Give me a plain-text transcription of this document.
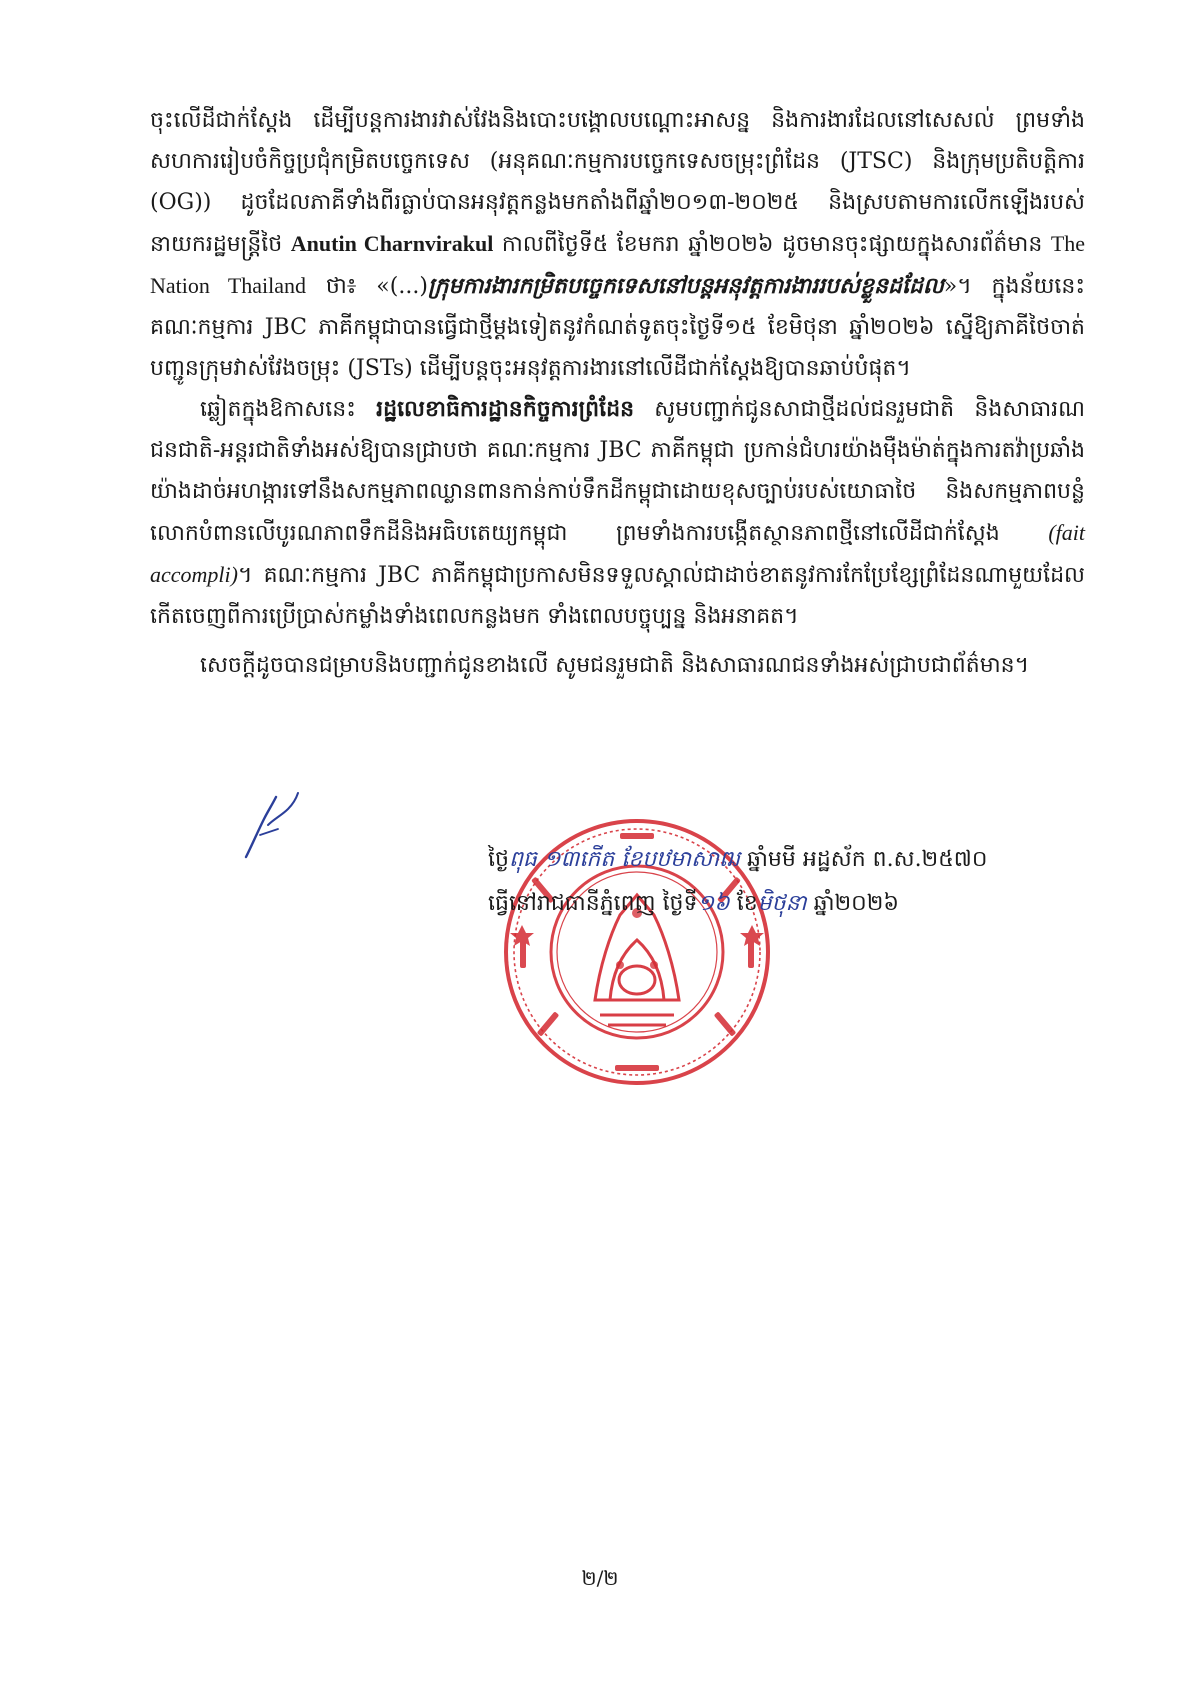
ចុះលើដីជាក់ស្តែង ដើម្បីបន្តការងារវាស់វែងនិងបោះបង្គោលបណ្ដោះអាសន្ន និងការងារដែលនៅសេសល់ ព្រមទាំងសហការរៀបចំកិច្ចប្រជុំកម្រិតបច្ចេកទេស (អនុគណៈកម្មការបច្ចេកទេសចម្រុះព្រំដែន (JTSC) និងក្រុមប្រតិបត្តិការ (OG)) ដូចដែលភាគីទាំងពីរធ្លាប់បានអនុវត្តកន្លងមកតាំងពីឆ្នាំ២០១៣-២០២៥ និងស្របតាមការលើកឡើងរបស់នាយករដ្ឋមន្ត្រីថៃ Anutin Charnvirakul កាលពីថ្ងៃទី៥ ខែមករា ឆ្នាំ២០២៦ ដូចមានចុះផ្សាយក្នុងសារព័ត៌មាន The Nation Thailand ថា៖ «(...)ក្រុមការងារកម្រិតបច្ចេកទេសនៅបន្តអនុវត្តការងាររបស់ខ្លួនដដែល»។ ក្នុងន័យនេះ គណៈកម្មការ JBC ភាគីកម្ពុជាបានធ្វើជាថ្មីម្តងទៀតនូវកំណត់ទូតចុះថ្ងៃទី១៥ ខែមិថុនា ឆ្នាំ២០២៦ ស្នើឱ្យភាគីថៃចាត់បញ្ជូនក្រុមវាស់វែងចម្រុះ (JSTs) ដើម្បីបន្តចុះអនុវត្តការងារនៅលើដីជាក់ស្តែងឱ្យបានឆាប់បំផុត។

ឆ្លៀតក្នុងឱកាសនេះ រដ្ឋលេខាធិការដ្ឋានកិច្ចការព្រំដែន សូមបញ្ជាក់ជូនសាជាថ្មីដល់ជនរួមជាតិ និងសាធារណជនជាតិ-អន្តរជាតិទាំងអស់ឱ្យបានជ្រាបថា គណៈកម្មការ JBC ភាគីកម្ពុជា ប្រកាន់ជំហរយ៉ាងម៉ឺងម៉ាត់ក្នុងការតវ៉ាប្រឆាំងយ៉ាងដាច់អហង្ការទៅនឹងសកម្មភាពឈ្លានពានកាន់កាប់ទឹកដីកម្ពុជាដោយខុសច្បាប់របស់យោធាថៃ និងសកម្មភាពបន្លំលោកបំពានលើបូរណភាពទឹកដីនិងអធិបតេយ្យកម្ពុជា ព្រមទាំងការបង្កើតស្ថានភាពថ្មីនៅលើដីជាក់ស្តែង (fait accompli)។ គណៈកម្មការ JBC ភាគីកម្ពុជាប្រកាសមិនទទួលស្គាល់ជាដាច់ខាតនូវការកែប្រែខ្សែព្រំដែនណាមួយដែលកើតចេញពីការប្រើប្រាស់កម្លាំងទាំងពេលកន្លងមក ទាំងពេលបច្ចុប្បន្ន និងអនាគត។

សេចក្តីដូចបានជម្រាបនិងបញ្ជាក់ជូនខាងលើ សូមជនរួមជាតិ និងសាធារណជនទាំងអស់ជ្រាបជាព័ត៌មាន។

ថ្ងៃពុធ ១៣កើត ខែបឋមាសាឍ ឆ្នាំមមី អដ្ឋស័ក ព.ស.២៥៧០
ធ្វើនៅរាជធានីភ្នំពេញ ថ្ងៃទី១៦ ខែមិថុនា ឆ្នាំ២០២៦
២/២
